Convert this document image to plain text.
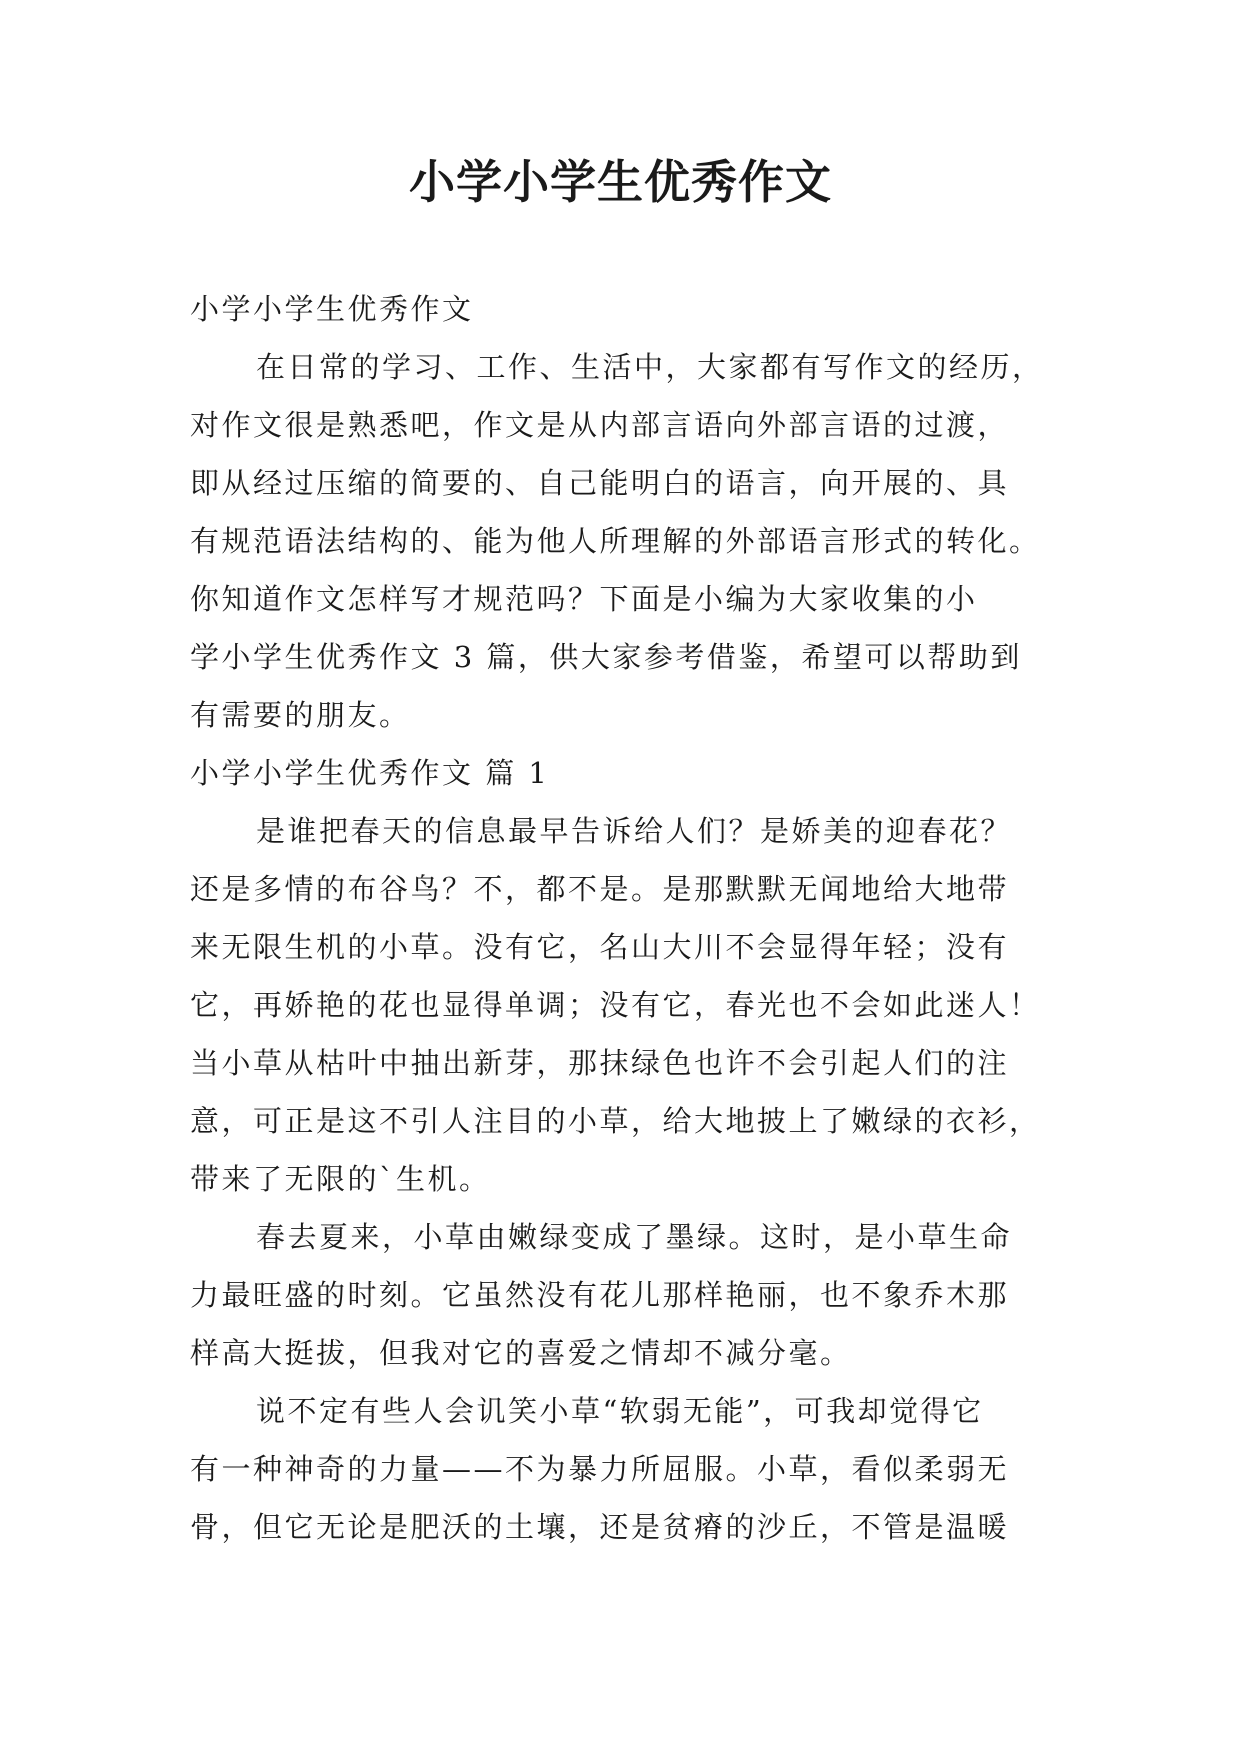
小学小学生优秀作文
小学小学生优秀作文
在日常的学习、工作、生活中，大家都有写作文的经历，
对作文很是熟悉吧，作文是从内部言语向外部言语的过渡，
即从经过压缩的简要的、自己能明白的语言，向开展的、具
有规范语法结构的、能为他人所理解的外部语言形式的转化。
你知道作文怎样写才规范吗？下面是小编为大家收集的小
学小学生优秀作文 3 篇，供大家参考借鉴，希望可以帮助到
有需要的朋友。
小学小学生优秀作文 篇 1
是谁把春天的信息最早告诉给人们？是娇美的迎春花？
还是多情的布谷鸟？不，都不是。是那默默无闻地给大地带
来无限生机的小草。没有它，名山大川不会显得年轻；没有
它，再娇艳的花也显得单调；没有它，春光也不会如此迷人！
当小草从枯叶中抽出新芽，那抹绿色也许不会引起人们的注
意，可正是这不引人注目的小草，给大地披上了嫩绿的衣衫，
带来了无限的`生机。
春去夏来，小草由嫩绿变成了墨绿。这时，是小草生命
力最旺盛的时刻。它虽然没有花儿那样艳丽，也不象乔木那
样高大挺拔，但我对它的喜爱之情却不减分毫。
说不定有些人会讥笑小草“软弱无能”，可我却觉得它
有一种神奇的力量——不为暴力所屈服。小草，看似柔弱无
骨，但它无论是肥沃的土壤，还是贫瘠的沙丘，不管是温暖
